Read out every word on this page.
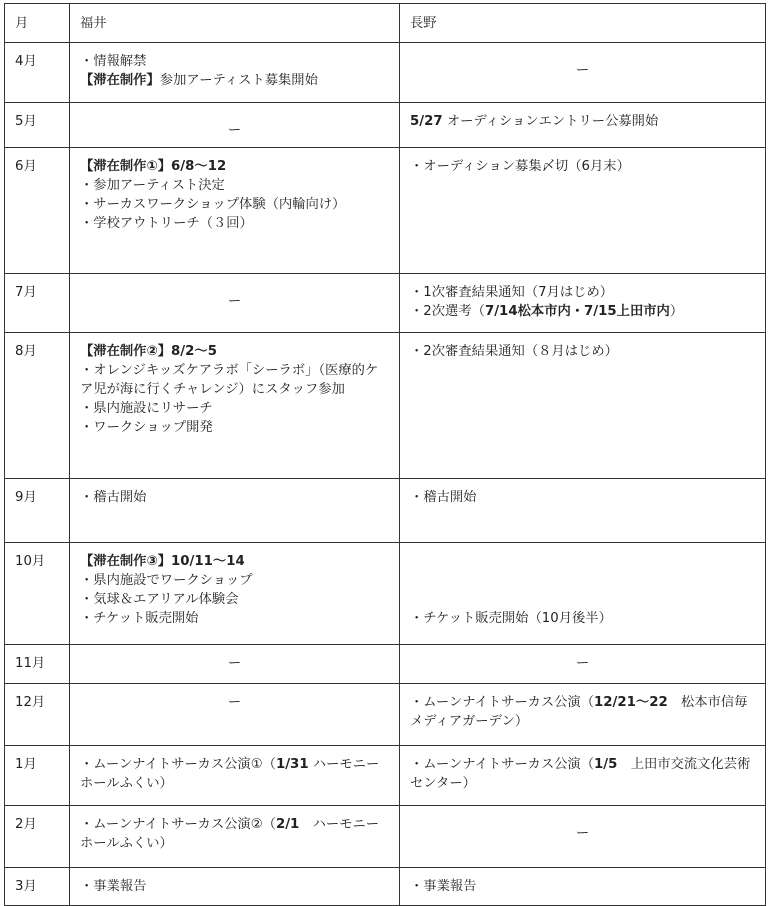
月	福井	長野
4月	・情報解禁
【滞在制作】参加アーティスト募集開始	ー

5月	ー	5/27 オーディションエントリー公募開始

6月	【滞在制作①】6/8〜12
・参加アーティスト決定
・サーカスワークショップ体験（内輪向け）
・学校アウトリーチ（３回）	・オーディション募集〆切（6月末）

7月	ー	・1次審査結果通知（7月はじめ）
・2次選考（7/14松本市内・7/15上田市内）

8月	【滞在制作②】8/2〜5
・オレンジキッズケアラボ「シーラボ」（医療的ケア児が海に行くチャレンジ）にスタッフ参加
・県内施設にリサーチ
・ワークショップ開発	・2次審査結果通知（８月はじめ）

9月	・稽古開始	・稽古開始

10月	【滞在制作③】10/11〜14
・県内施設でワークショップ
・気球＆エアリアル体験会
・チケット販売開始	・チケット販売開始（10月後半）

11月	ー	ー

12月	ー	・ムーンナイトサーカス公演（12/21〜22　松本市信毎メディアガーデン）

1月	・ムーンナイトサーカス公演①（1/31 ハーモニーホールふくい）	・ムーンナイトサーカス公演（1/5　上田市交流文化芸術センター）

2月	・ムーンナイトサーカス公演②（2/1　ハーモニーホールふくい）	ー

3月	・事業報告	・事業報告
